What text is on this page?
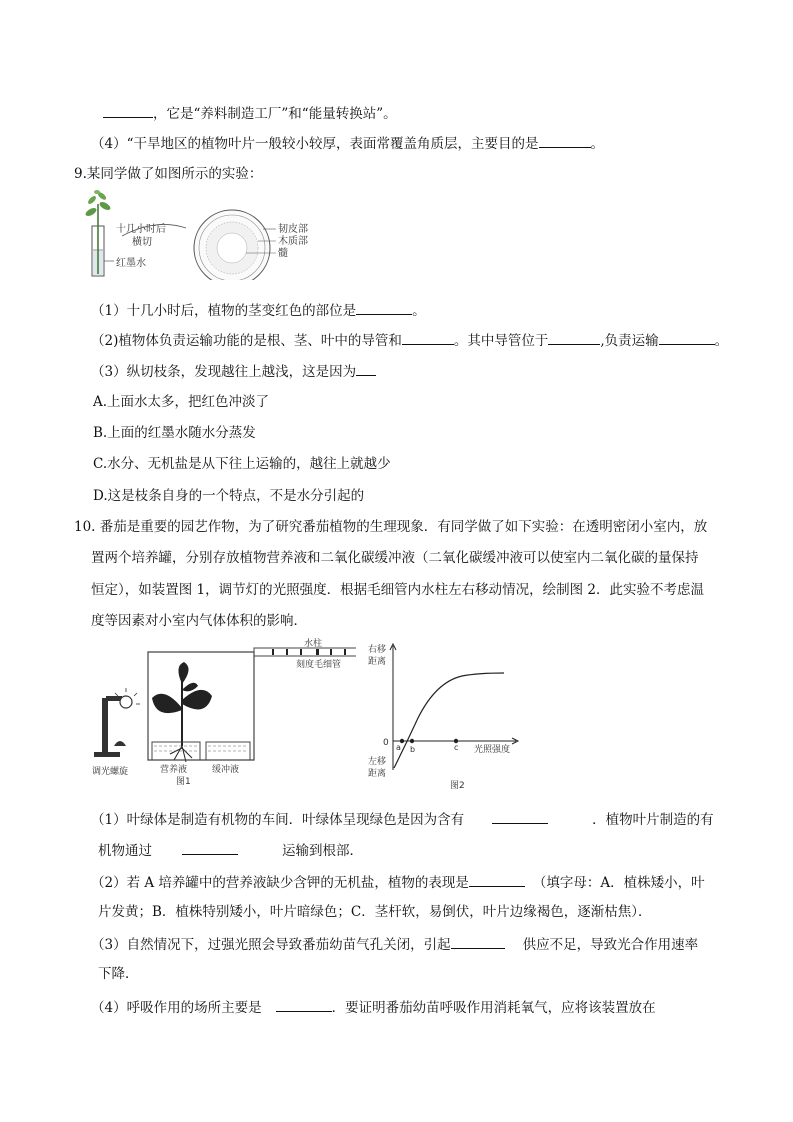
，它是“养料制造工厂”和“能量转换站”。
（4）“干旱地区的植物叶片一般较小较厚，表面常覆盖角质层，主要目的是	。
9.某同学做了如图所示的实验：
十几小时后
横切
红墨水
韧皮部
木质部
髓
（1）十几小时后，植物的茎变红色的部位是	。
（2)植物体负责运输功能的是根、茎、叶中的导管和	。其中导管位于	,负责运输	。
（3）纵切枝条，发现越往上越浅，这是因为
A.上面水太多，把红色冲淡了
B.上面的红墨水随水分蒸发
C.水分、无机盐是从下往上运输的，越往上就越少
D.这是枝条自身的一个特点，不是水分引起的
10. 番茄是重要的园艺作物，为了研究番茄植物的生理现象．有同学做了如下实验：在透明密闭小室内，放
置两个培养罐，分别存放植物营养液和二氧化碳缓冲液（二氧化碳缓冲液可以使室内二氧化碳的量保持
恒定），如装置图 1，调节灯的光照强度．根据毛细管内水柱左右移动情况，绘制图 2．此实验不考虑温
度等因素对小室内气体体积的影响．
调光螺旋
水柱
刻度毛细管
营养液	缓冲液
图1
右移
距离
0 a b	c 光照强度
左移
距离
图2
（1）叶绿体是制造有机物的车间．叶绿体呈现绿色是因为含有	．植物叶片制造的有
机物通过	运输到根部．
（2）若 A 培养罐中的营养液缺少含钾的无机盐，植物的表现是	（填字母：A．植株矮小，叶
片发黄；B．植株特别矮小，叶片暗绿色；C．茎杆软，易倒伏，叶片边缘褐色，逐渐枯焦）．
（3）自然情况下，过强光照会导致番茄幼苗气孔关闭，引起	供应不足，导致光合作用速率
下降．
（4）呼吸作用的场所主要是	．要证明番茄幼苗呼吸作用消耗氧气，应将该装置放在
